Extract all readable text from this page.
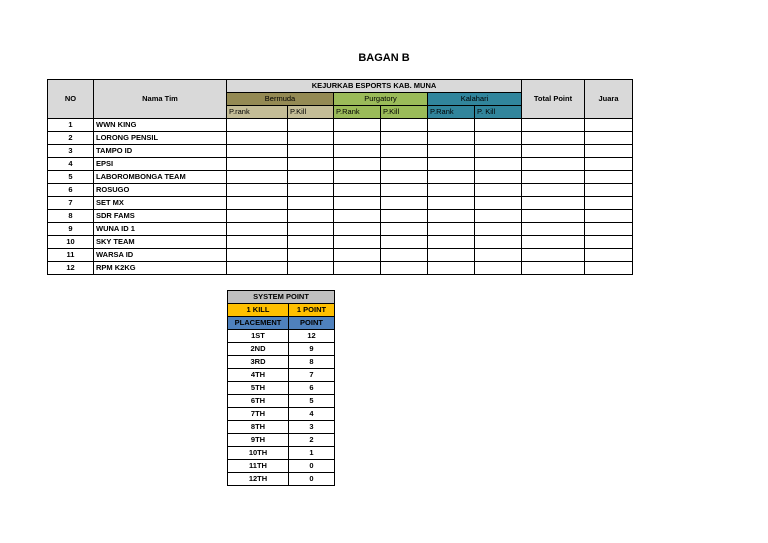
BAGAN B
NO	Nama Tim	KEJURKAB ESPORTS KAB. MUNA						Total Point	Juara
		Bermuda		Purgatory		Kalahari			
		P.rank	P.Kill	P.Rank	P.Kill	P.Rank	P. Kill		
1	WWN KING								
2	LORONG PENSIL								
3	TAMPO ID								
4	EPSI								
5	LABOROMBONGA TEAM								
6	ROSUGO								
7	SET MX								
8	SDR FAMS								
9	WUNA ID 1								
10	SKY TEAM								
11	WARSA ID								
12	RPM K2KG								
SYSTEM POINT	
1 KILL	1 POINT
PLACEMENT	POINT
1ST	12
2ND	9
3RD	8
4TH	7
5TH	6
6TH	5
7TH	4
8TH	3
9TH	2
10TH	1
11TH	0
12TH	0
